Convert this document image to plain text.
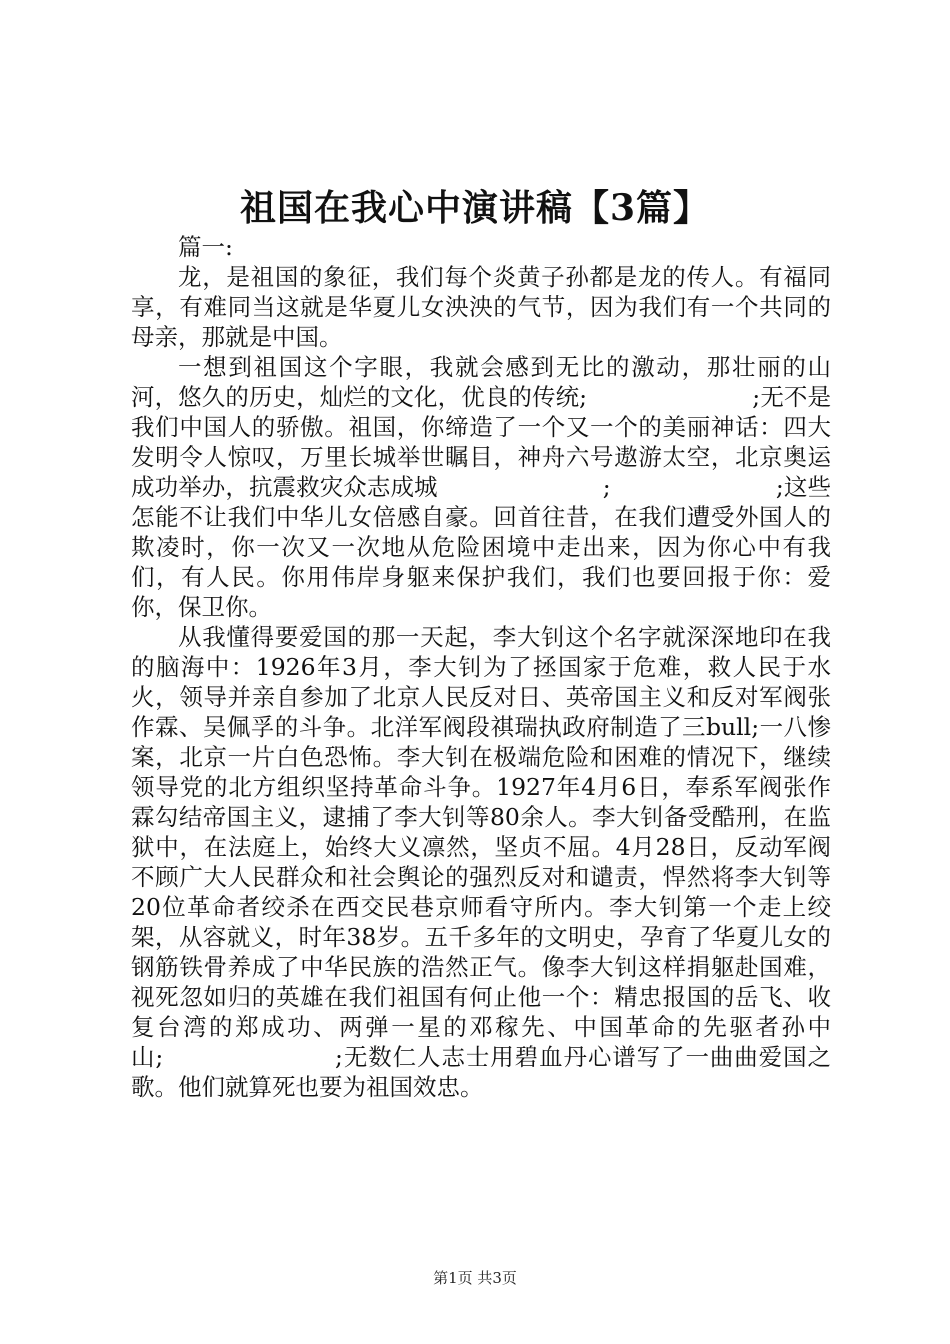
祖国在我心中演讲稿【3篇】
篇一:

龙，是祖国的象征，我们每个炎黄子孙都是龙的传人。有福同享，有难同当这就是华夏儿女泱泱的气节，因为我们有一个共同的母亲，那就是中国。

一想到祖国这个字眼，我就会感到无比的激动，那壮丽的山河，悠久的历史，灿烂的文化，优良的传统;　　　　　　　;无不是我们中国人的骄傲。祖国，你缔造了一个又一个的美丽神话：四大发明令人惊叹，万里长城举世瞩目，神舟六号遨游太空，北京奥运成功举办，抗震救灾众志成城　　　　　　　;　　　　　　　;这些怎能不让我们中华儿女倍感自豪。回首往昔，在我们遭受外国人的欺凌时，你一次又一次地从危险困境中走出来，因为你心中有我们，有人民。你用伟岸身躯来保护我们，我们也要回报于你：爱你，保卫你。

从我懂得要爱国的那一天起，李大钊这个名字就深深地印在我的脑海中：1926年3月，李大钊为了拯国家于危难，救人民于水火，领导并亲自参加了北京人民反对日、英帝国主义和反对军阀张作霖、吴佩孚的斗争。北洋军阀段祺瑞执政府制造了三bull;一八惨案，北京一片白色恐怖。李大钊在极端危险和困难的情况下，继续领导党的北方组织坚持革命斗争。1927年4月6日，奉系军阀张作霖勾结帝国主义，逮捕了李大钊等80余人。李大钊备受酷刑，在监狱中，在法庭上，始终大义凛然，坚贞不屈。4月28日，反动军阀不顾广大人民群众和社会舆论的强烈反对和谴责，悍然将李大钊等20位革命者绞杀在西交民巷京师看守所内。李大钊第一个走上绞架，从容就义，时年38岁。五千多年的文明史，孕育了华夏儿女的钢筋铁骨养成了中华民族的浩然正气。像李大钊这样捐躯赴国难，视死忽如归的英雄在我们祖国有何止他一个：精忠报国的岳飞、收复台湾的郑成功、两弹一星的邓稼先、中国革命的先驱者孙中山;　　　　　　　;无数仁人志士用碧血丹心谱写了一曲曲爱国之歌。他们就算死也要为祖国效忠。

第1页 共3页
